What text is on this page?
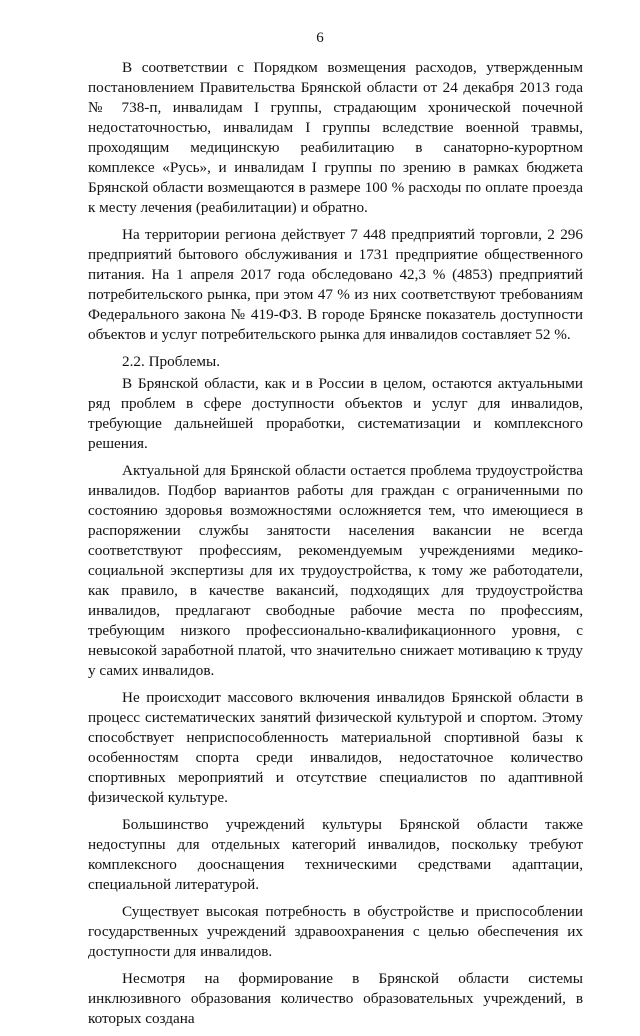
6

В соответствии с Порядком возмещения расходов, утвержденным постановлением Правительства Брянской области от 24 декабря 2013 года № 738-п, инвалидам I группы, страдающим хронической почечной недостаточностью, инвалидам I группы вследствие военной травмы, проходящим медицинскую реабилитацию в санаторно-курортном комплексе «Русь», и инвалидам I группы по зрению в рамках бюджета Брянской области возмещаются в размере 100 % расходы по оплате проезда к месту лечения (реабилитации) и обратно.

На территории региона действует 7 448 предприятий торговли, 2 296 предприятий бытового обслуживания и 1731 предприятие общественного питания. На 1 апреля 2017 года обследовано 42,3 % (4853) предприятий потребительского рынка, при этом 47 % из них соответствуют требованиям Федерального закона № 419-ФЗ. В городе Брянске показатель доступности объектов и услуг потребительского рынка для инвалидов составляет 52 %.

2.2. Проблемы.

В Брянской области, как и в России в целом, остаются актуальными ряд проблем в сфере доступности объектов и услуг для инвалидов, требующие дальнейшей проработки, систематизации и комплексного решения.

Актуальной для Брянской области остается проблема трудоустройства инвалидов. Подбор вариантов работы для граждан с ограниченными по состоянию здоровья возможностями осложняется тем, что имеющиеся в распоряжении службы занятости населения вакансии не всегда соответствуют профессиям, рекомендуемым учреждениями медико-социальной экспертизы для их трудоустройства, к тому же работодатели, как правило, в качестве вакансий, подходящих для трудоустройства инвалидов, предлагают свободные рабочие места по профессиям, требующим низкого профессионально-квалификационного уровня, с невысокой заработной платой, что значительно снижает мотивацию к труду у самих инвалидов.

Не происходит массового включения инвалидов Брянской области в процесс систематических занятий физической культурой и спортом. Этому способствует неприспособленность материальной спортивной базы к особенностям спорта среди инвалидов, недостаточное количество спортивных мероприятий и отсутствие специалистов по адаптивной физической культуре.

Большинство учреждений культуры Брянской области также недоступны для отдельных категорий инвалидов, поскольку требуют комплексного дооснащения техническими средствами адаптации, специальной литературой.

Существует высокая потребность в обустройстве и приспособлении государственных учреждений здравоохранения с целью обеспечения их доступности для инвалидов.

Несмотря на формирование в Брянской области системы инклюзивного образования количество образовательных учреждений, в которых создана
